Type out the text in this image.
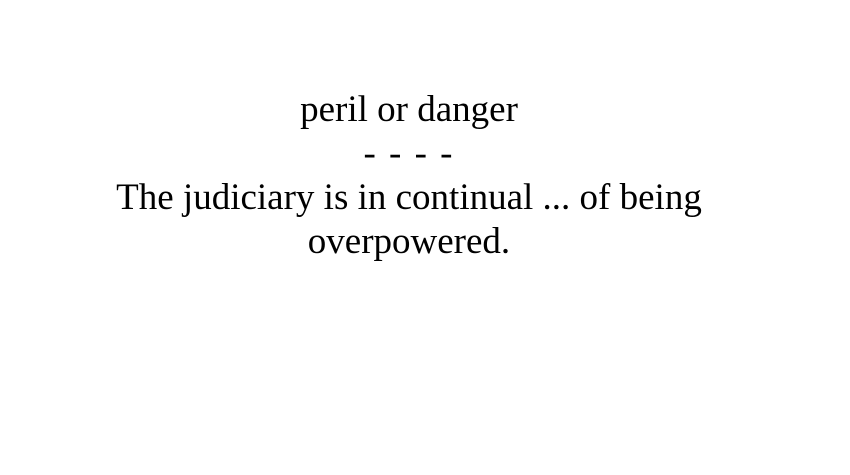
peril or danger
- - - -
The judiciary is in continual ... of being overpowered.
